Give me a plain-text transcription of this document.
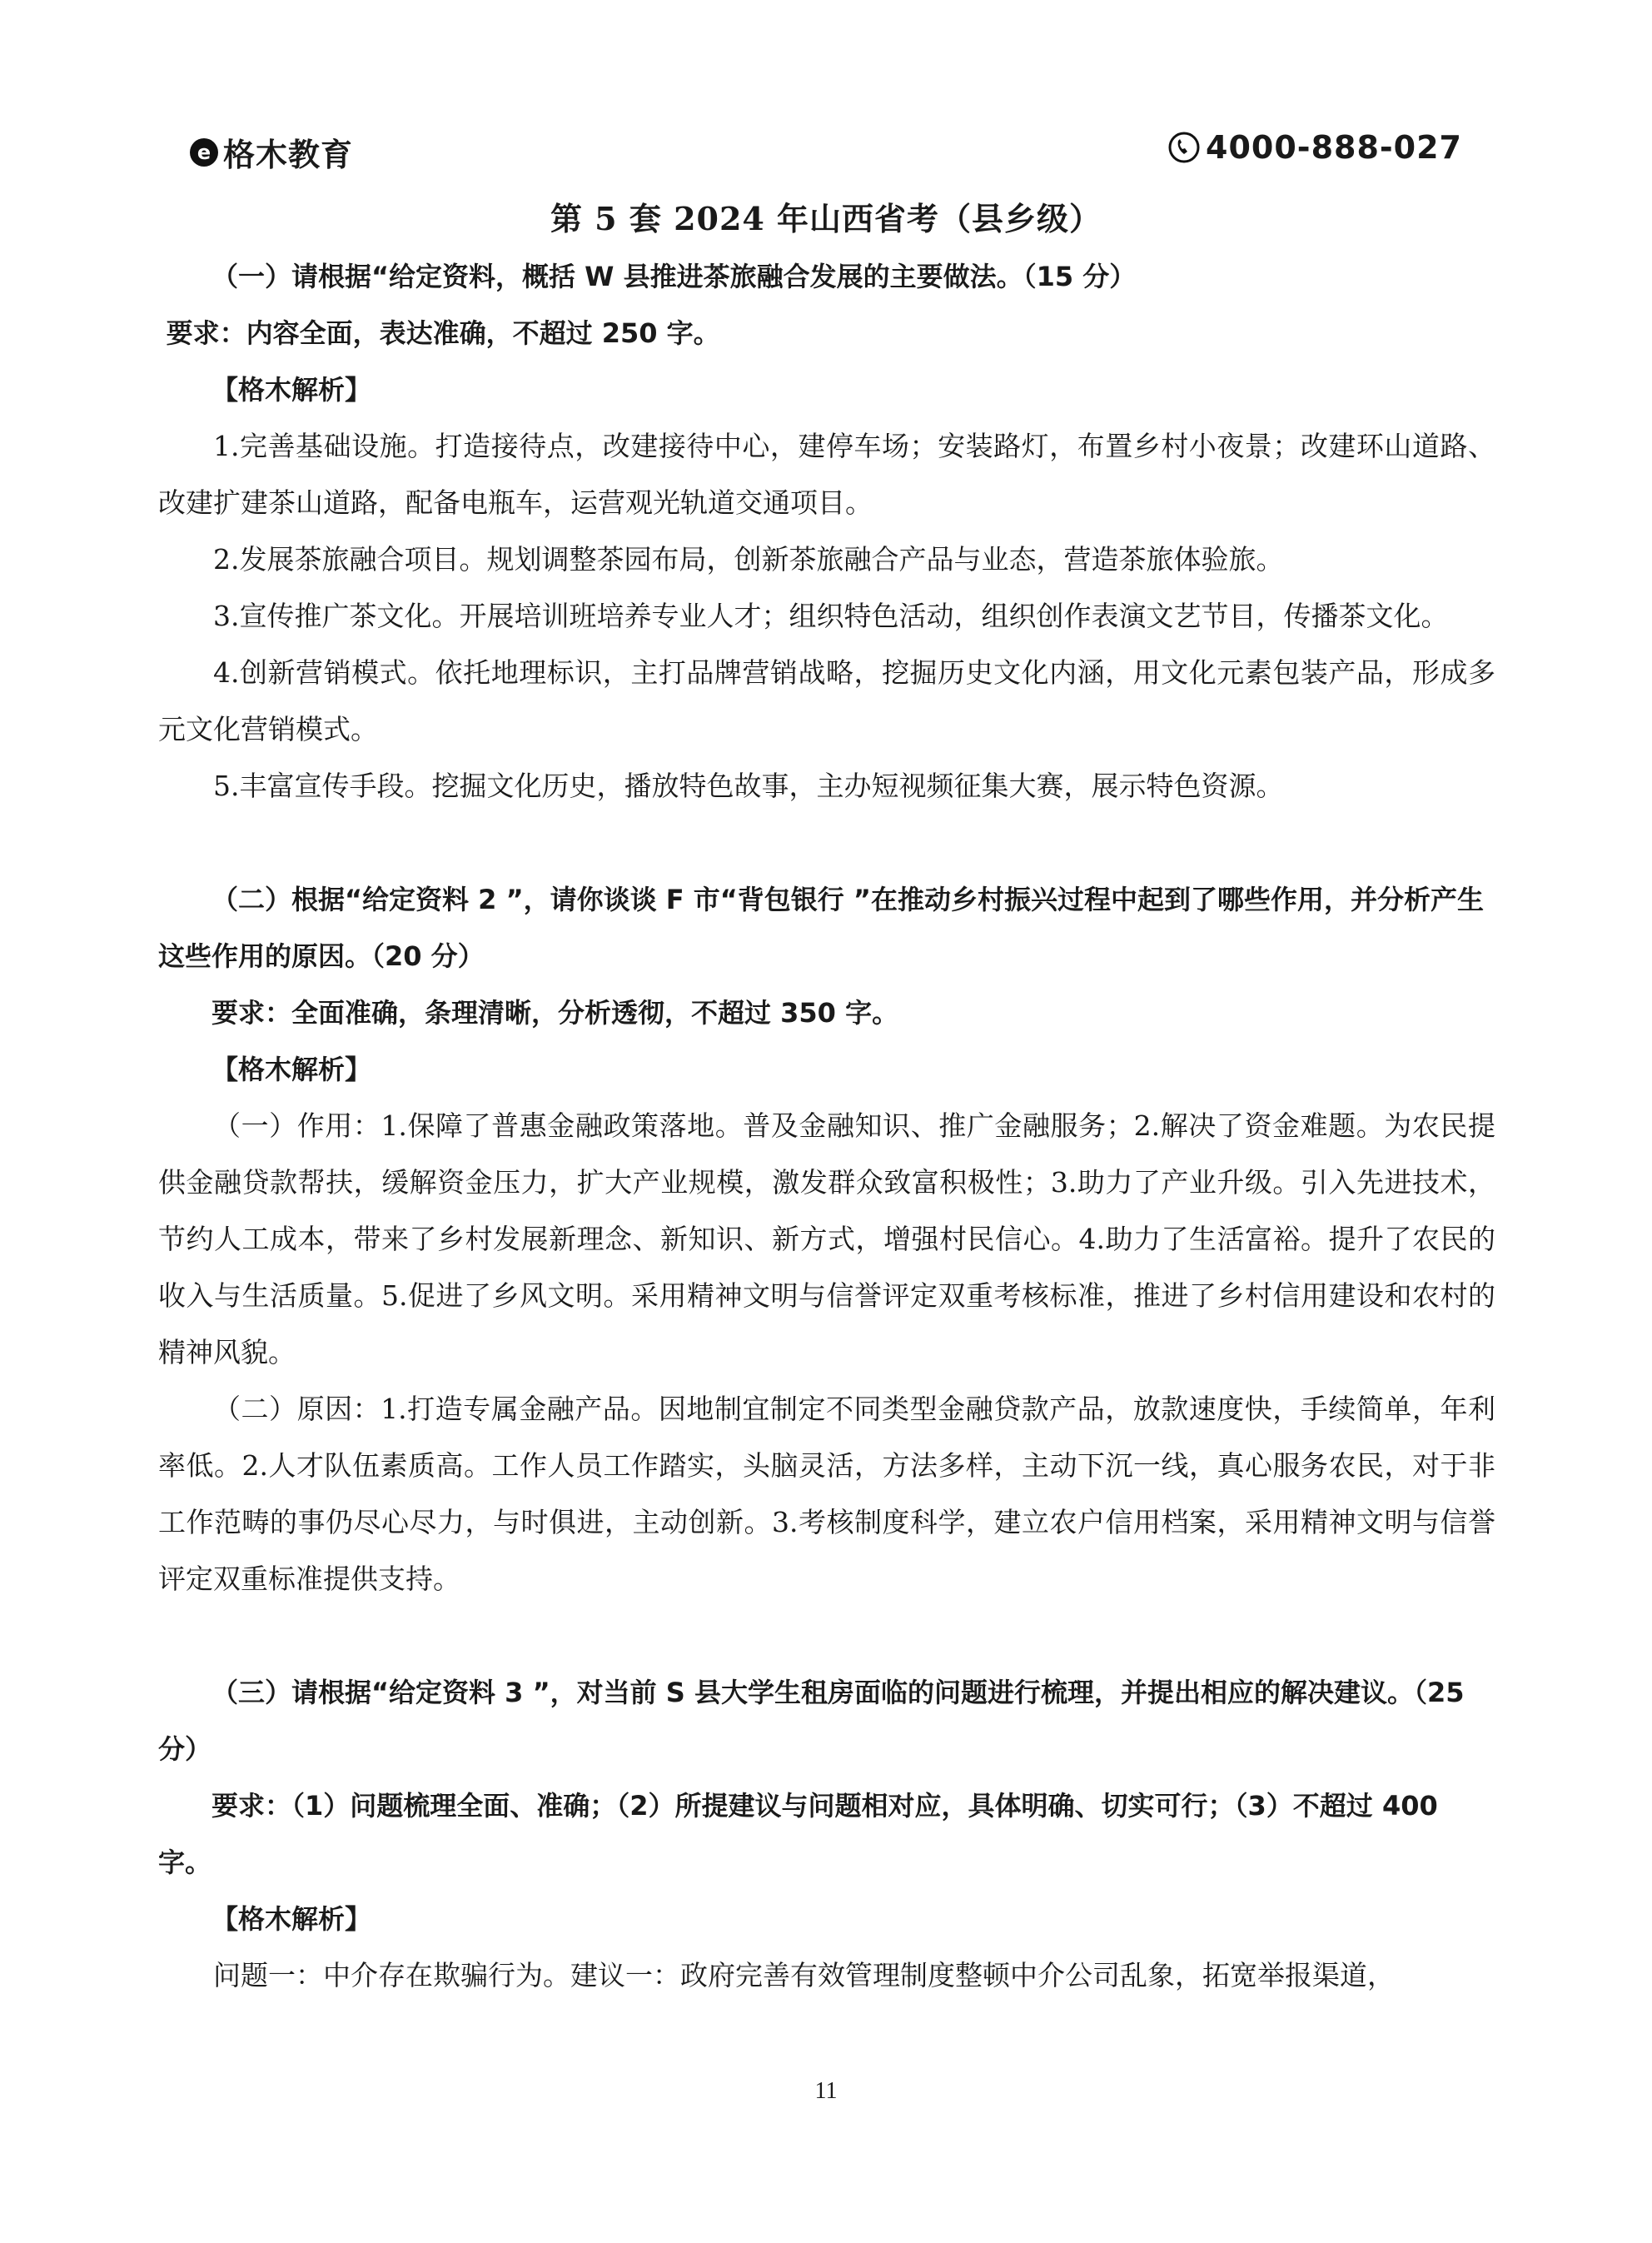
e 格木教育	4000-888-027
第 5 套 2024 年山西省考（县乡级）

（一）请根据“给定资料，概括 W 县推进茶旅融合发展的主要做法。（15 分）

要求：内容全面，表达准确，不超过 250 字。

【格木解析】

1.完善基础设施。打造接待点，改建接待中心，建停车场；安装路灯，布置乡村小夜景；改建环山道路、改建扩建茶山道路，配备电瓶车，运营观光轨道交通项目。

2.发展茶旅融合项目。规划调整茶园布局，创新茶旅融合产品与业态，营造茶旅体验旅。

3.宣传推广茶文化。开展培训班培养专业人才；组织特色活动，组织创作表演文艺节目，传播茶文化。

4.创新营销模式。依托地理标识，主打品牌营销战略，挖掘历史文化内涵，用文化元素包装产品，形成多元文化营销模式。

5.丰富宣传手段。挖掘文化历史，播放特色故事，主办短视频征集大赛，展示特色资源。

（二）根据“给定资料 2 ”，请你谈谈 F 市“背包银行 ”在推动乡村振兴过程中起到了哪些作用，并分析产生这些作用的原因。（20 分）

要求：全面准确，条理清晰，分析透彻，不超过 350 字。

【格木解析】

（一）作用：1.保障了普惠金融政策落地。普及金融知识、推广金融服务；2.解决了资金难题。为农民提供金融贷款帮扶，缓解资金压力，扩大产业规模，激发群众致富积极性；3.助力了产业升级。引入先进技术，节约人工成本，带来了乡村发展新理念、新知识、新方式，增强村民信心。4.助力了生活富裕。提升了农民的收入与生活质量。5.促进了乡风文明。采用精神文明与信誉评定双重考核标准，推进了乡村信用建设和农村的精神风貌。

（二）原因：1.打造专属金融产品。因地制宜制定不同类型金融贷款产品，放款速度快，手续简单，年利率低。2.人才队伍素质高。工作人员工作踏实，头脑灵活，方法多样，主动下沉一线，真心服务农民，对于非工作范畴的事仍尽心尽力，与时俱进，主动创新。3.考核制度科学，建立农户信用档案，采用精神文明与信誉评定双重标准提供支持。

（三）请根据“给定资料 3 ”，对当前 S 县大学生租房面临的问题进行梳理，并提出相应的解决建议。（25 分）

要求：（1）问题梳理全面、准确；（2）所提建议与问题相对应，具体明确、切实可行；（3）不超过 400 字。

【格木解析】

问题一：中介存在欺骗行为。建议一：政府完善有效管理制度整顿中介公司乱象，拓宽举报渠道，

11
